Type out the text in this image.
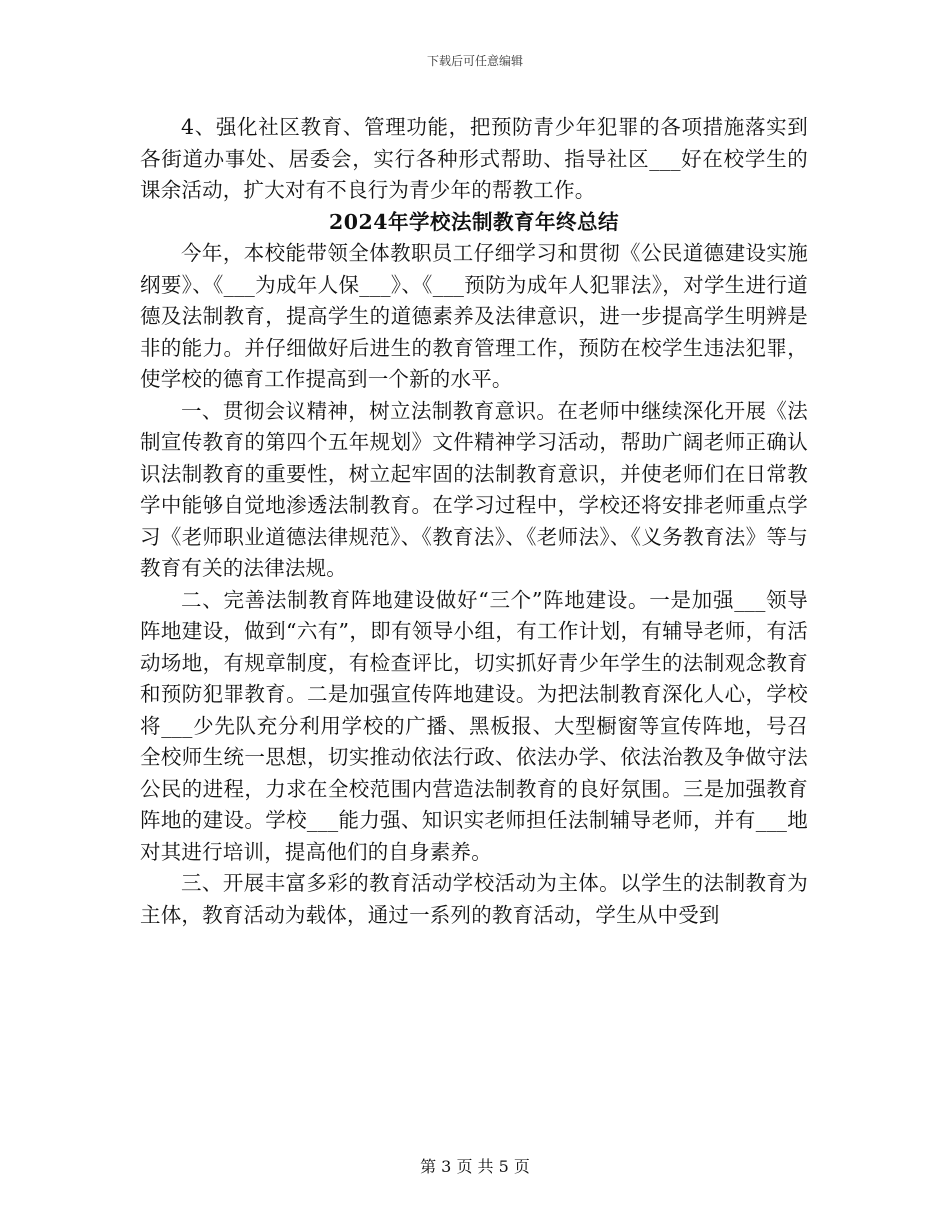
下载后可任意编辑

4、强化社区教育、管理功能，把预防青少年犯罪的各项措施落实到各街道办事处、居委会，实行各种形式帮助、指导社区___好在校学生的课余活动，扩大对有不良行为青少年的帮教工作。

2024年学校法制教育年终总结

今年，本校能带领全体教职员工仔细学习和贯彻《公民道德建设实施纲要》、《___为成年人保___》、《___预防为成年人犯罪法》，对学生进行道德及法制教育，提高学生的道德素养及法律意识，进一步提高学生明辨是非的能力。并仔细做好后进生的教育管理工作，预防在校学生违法犯罪，使学校的德育工作提高到一个新的水平。

一、贯彻会议精神，树立法制教育意识。在老师中继续深化开展《法制宣传教育的第四个五年规划》文件精神学习活动，帮助广阔老师正确认识法制教育的重要性，树立起牢固的法制教育意识，并使老师们在日常教学中能够自觉地渗透法制教育。在学习过程中，学校还将安排老师重点学习《老师职业道德法律规范》、《教育法》、《老师法》、《义务教育法》等与教育有关的法律法规。

二、完善法制教育阵地建设做好“三个”阵地建设。一是加强___领导阵地建设，做到“六有”，即有领导小组，有工作计划，有辅导老师，有活动场地，有规章制度，有检查评比，切实抓好青少年学生的法制观念教育和预防犯罪教育。二是加强宣传阵地建设。为把法制教育深化人心，学校将___少先队充分利用学校的广播、黑板报、大型橱窗等宣传阵地，号召全校师生统一思想，切实推动依法行政、依法办学、依法治教及争做守法公民的进程，力求在全校范围内营造法制教育的良好氛围。三是加强教育阵地的建设。学校___能力强、知识实老师担任法制辅导老师，并有___地对其进行培训，提高他们的自身素养。

三、开展丰富多彩的教育活动学校活动为主体。以学生的法制教育为主体，教育活动为载体，通过一系列的教育活动，学生从中受到

第 3 页 共 5 页
